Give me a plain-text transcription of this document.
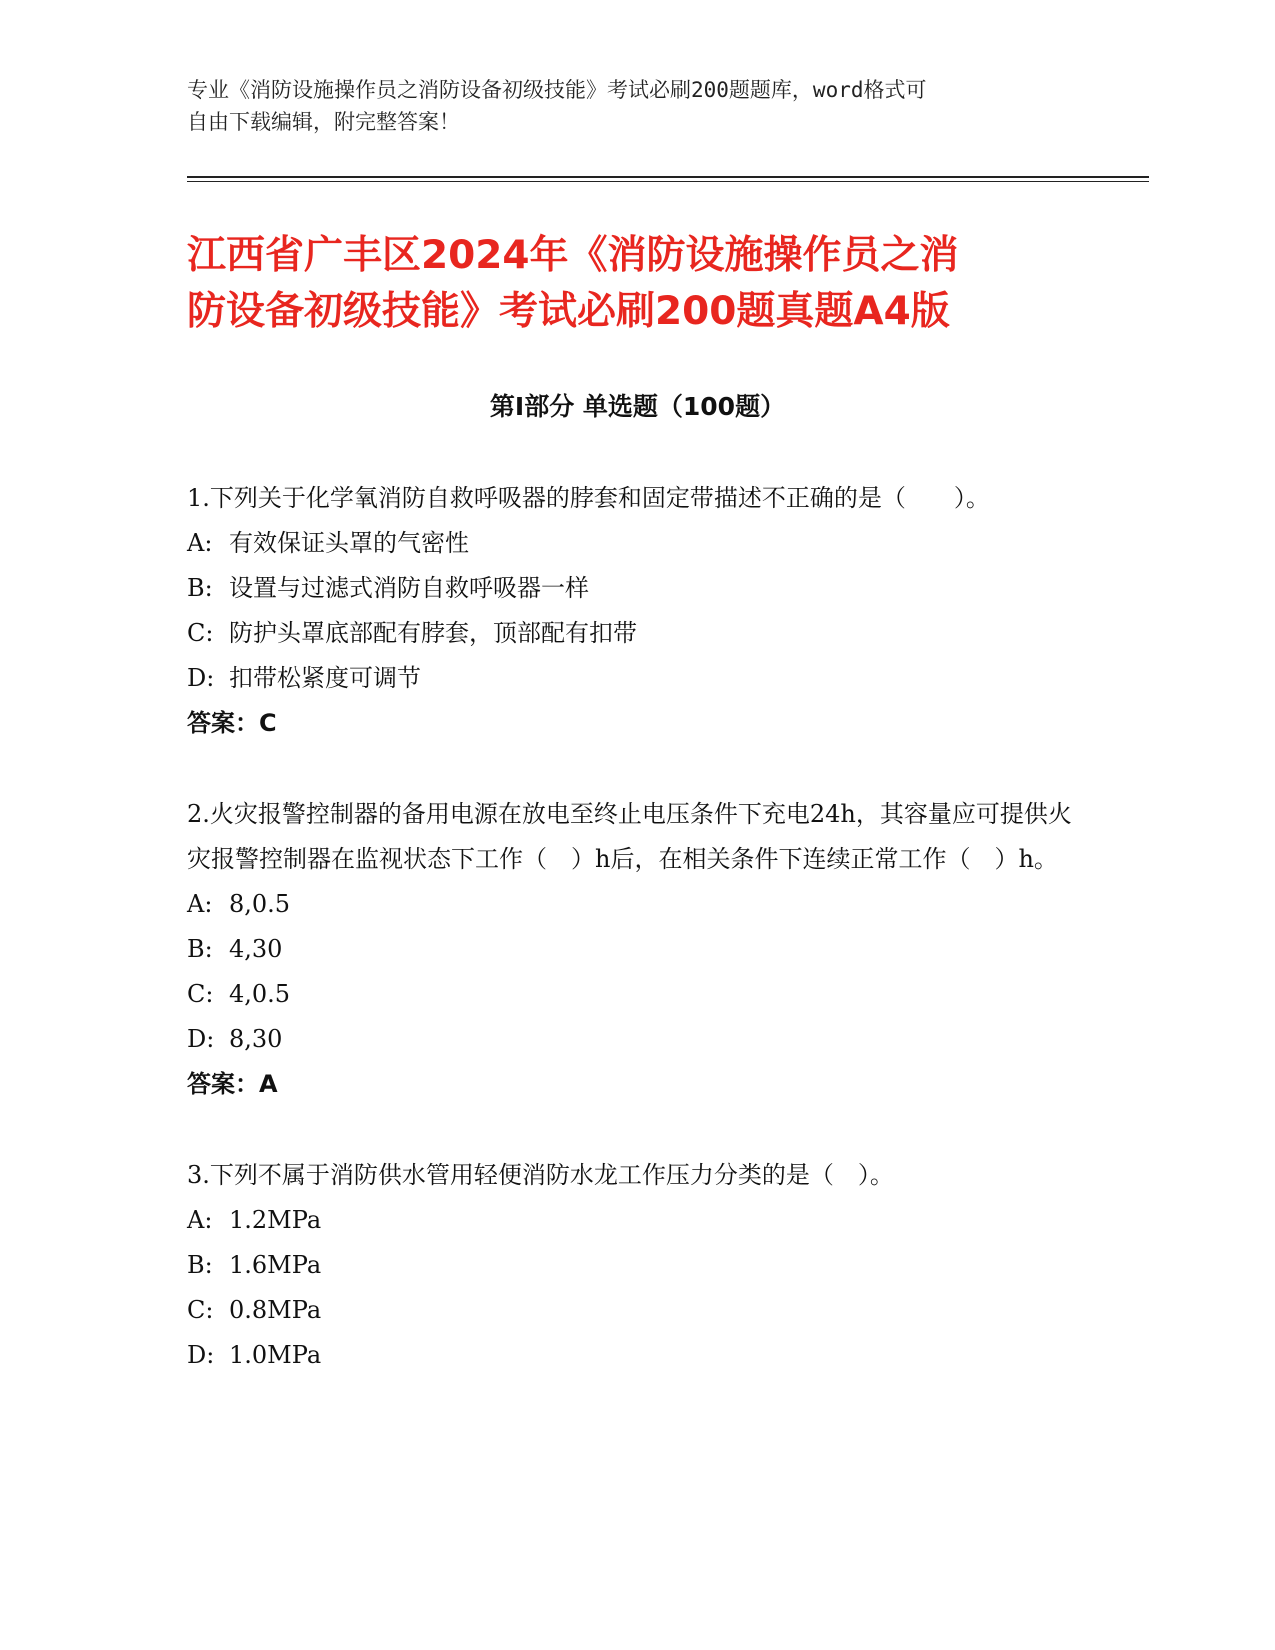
专业《消防设施操作员之消防设备初级技能》考试必刷200题题库，word格式可
自由下载编辑，附完整答案！
江西省广丰区2024年《消防设施操作员之消
防设备初级技能》考试必刷200题真题A4版
第I部分 单选题（100题）

1.下列关于化学氧消防自救呼吸器的脖套和固定带描述不正确的是（　　）。

A: 有效保证头罩的气密性

B: 设置与过滤式消防自救呼吸器一样

C: 防护头罩底部配有脖套，顶部配有扣带

D: 扣带松紧度可调节

答案：C

2.火灾报警控制器的备用电源在放电至终止电压条件下充电24h，其容量应可提供火灾报警控制器在监视状态下工作（　）h后，在相关条件下连续正常工作（　）h。

A: 8,0.5

B: 4,30

C: 4,0.5

D: 8,30

答案：A

3.下列不属于消防供水管用轻便消防水龙工作压力分类的是（　）。

A: 1.2MPa

B: 1.6MPa

C: 0.8MPa

D: 1.0MPa
